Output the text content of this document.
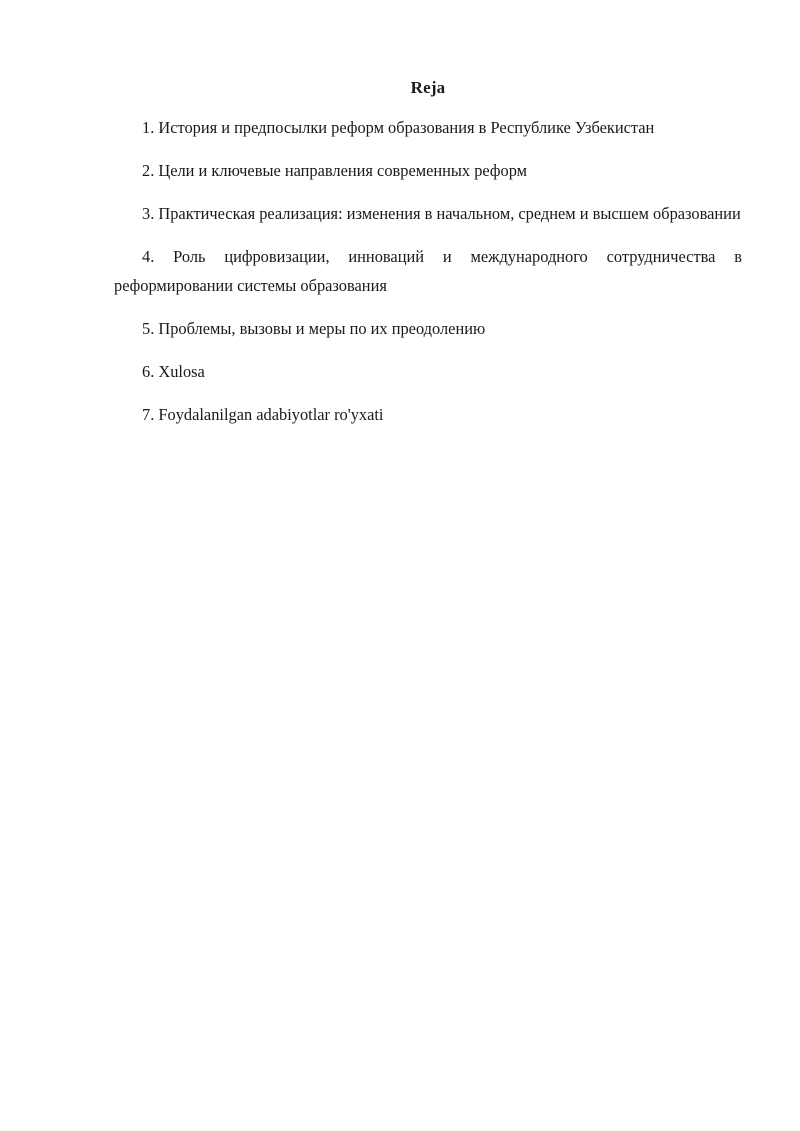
Reja
1. История и предпосылки реформ образования в Республике Узбекистан
2. Цели и ключевые направления современных реформ
3. Практическая реализация: изменения в начальном, среднем и высшем образовании
4. Роль цифровизации, инноваций и международного сотрудничества в реформировании системы образования
5. Проблемы, вызовы и меры по их преодолению
6. Xulosa
7. Foydalanilgan adabiyotlar ro'yxati
